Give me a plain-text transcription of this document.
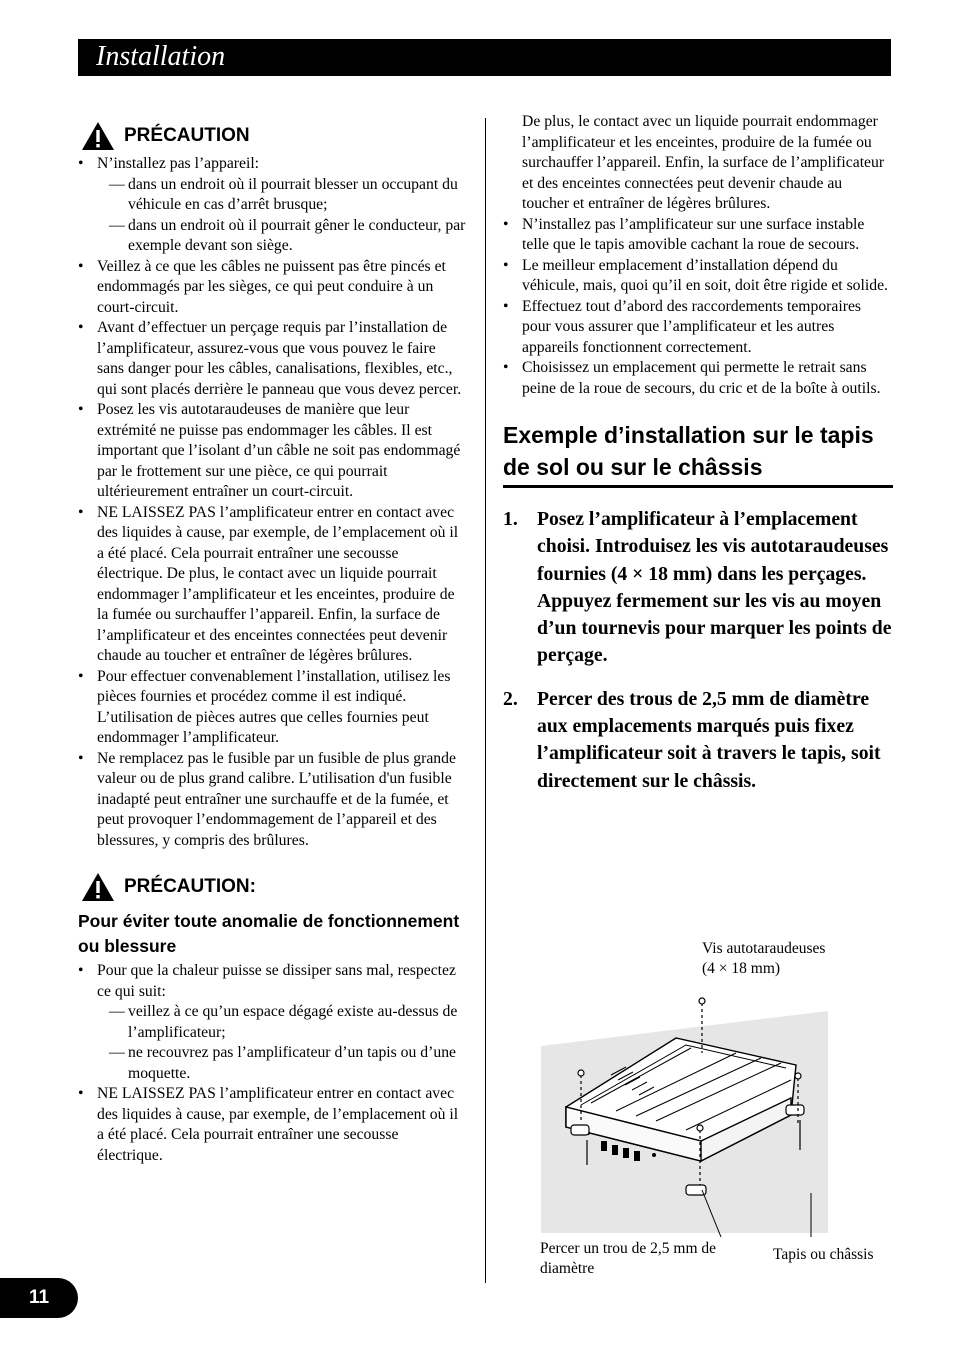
Installation
PRÉCAUTION
• N’installez pas l’appareil:
— dans un endroit où il pourrait blesser un occupant du véhicule en cas d’arrêt brusque;
— dans un endroit où il pourrait gêner le conducteur, par exemple devant son siège.
• Veillez à ce que les câbles ne puissent pas être pincés et endommagés par les sièges, ce qui peut conduire à un court-circuit.
• Avant d’effectuer un perçage requis par l’installation de l’amplificateur, assurez-vous que vous pouvez le faire sans danger pour les câbles, canalisations, flexibles, etc., qui sont placés derrière le panneau que vous devez percer.
• Posez les vis autotaraudeuses de manière que leur extrémité ne puisse pas endommager les câbles. Il est important que l’isolant d’un câble ne soit pas endommagé par le frottement sur une pièce, ce qui pourrait ultérieurement entraîner un court-circuit.
• NE LAISSEZ PAS l’amplificateur entrer en contact avec des liquides à cause, par exemple, de l’emplacement où il a été placé. Cela pourrait entraîner une secousse électrique. De plus, le contact avec un liquide pourrait endommager l’amplificateur et les enceintes, produire de la fumée ou surchauffer l’appareil. Enfin, la surface de l’amplificateur et des enceintes connectées peut devenir chaude au toucher et entraîner de légères brûlures.
• Pour effectuer convenablement l’installation, utilisez les pièces fournies et procédez comme il est indiqué. L’utilisation de pièces autres que celles fournies peut endommager l’amplificateur.
• Ne remplacez pas le fusible par un fusible de plus grande valeur ou de plus grand calibre. L’utilisation d'un fusible inadapté peut entraîner une surchauffe et de la fumée, et peut provoquer l’endommagement de l’appareil et des blessures, y compris des brûlures.
PRÉCAUTION:
Pour éviter toute anomalie de fonctionnement ou blessure
• Pour que la chaleur puisse se dissiper sans mal, respectez ce qui suit:
— veillez à ce qu’un espace dégagé existe au-dessus de l’amplificateur;
— ne recouvrez pas l’amplificateur d’un tapis ou d’une moquette.
• NE LAISSEZ PAS l’amplificateur entrer en contact avec des liquides à cause, par exemple, de l’emplacement où il a été placé. Cela pourrait entraîner une secousse électrique.
De plus, le contact avec un liquide pourrait endommager l’amplificateur et les enceintes, produire de la fumée ou surchauffer l’appareil. Enfin, la surface de l’amplificateur et des enceintes connectées peut devenir chaude au toucher et entraîner de légères brûlures.
• N’installez pas l’amplificateur sur une surface instable telle que le tapis amovible cachant la roue de secours.
• Le meilleur emplacement d’installation dépend du véhicule, mais, quoi qu’il en soit, doit être rigide et solide.
• Effectuez tout d’abord des raccordements temporaires pour vous assurer que l’amplificateur et les autres appareils fonctionnent correctement.
• Choisissez un emplacement qui permette le retrait sans peine de la roue de secours, du cric et de la boîte à outils.
Exemple d’installation sur le tapis de sol ou sur le châssis
1. Posez l’amplificateur à l’emplacement choisi. Introduisez les vis autotaraudeuses fournies (4 × 18 mm) dans les perçages. Appuyez fermement sur les vis au moyen d’un tournevis pour marquer les points de perçage.
2. Percer des trous de 2,5 mm de diamètre aux emplacements marqués puis fixez l’amplificateur soit à travers le tapis, soit directement sur le châssis.
Vis autotaraudeuses
(4 × 18 mm)
Percer un trou de 2,5 mm de diamètre
Tapis ou châssis
11
